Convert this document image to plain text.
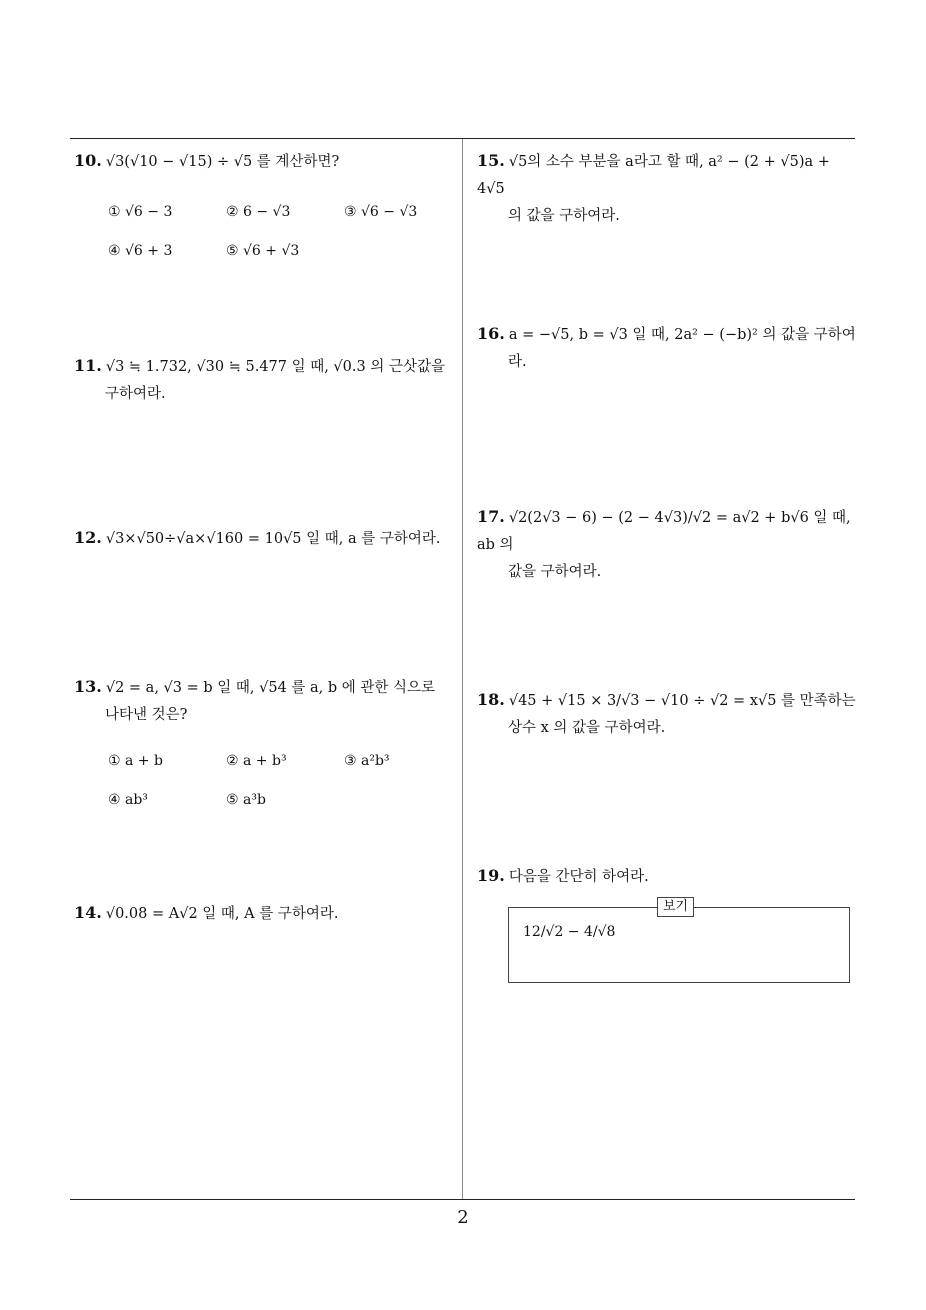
10. √3(√10 − √15) ÷ √5 를 계산하면?
① √6 − 3	② 6 − √3	③ √6 − √3
④ √6 + 3	⑤ √6 + √3
11. √3 ≒ 1.732, √30 ≒ 5.477 일 때, √0.3 의 근삿값을
구하여라.
12. √3×√50÷√a×√160 = 10√5 일 때, a 를 구하여라.
13. √2 = a, √3 = b 일 때, √54 를 a, b 에 관한 식으로
나타낸 것은?
① a + b	② a + b³	③ a²b³
④ ab³	⑤ a³b
14. √0.08 = A√2 일 때, A 를 구하여라.
15. √5의 소수 부분을 a라고 할 때, a² − (2 + √5)a + 4√5
의 값을 구하여라.
16. a = −√5, b = √3 일 때, 2a² − (−b)² 의 값을 구하여
라.
17. √2(2√3 − 6) − (2 − 4√3)/√2 = a√2 + b√6 일 때, ab 의
값을 구하여라.
18. √45 + √15 × 3/√3 − √10 ÷ √2 = x√5 를 만족하는
상수 x 의 값을 구하여라.
19. 다음을 간단히 하여라.
보기
12/√2 − 4/√8
2
